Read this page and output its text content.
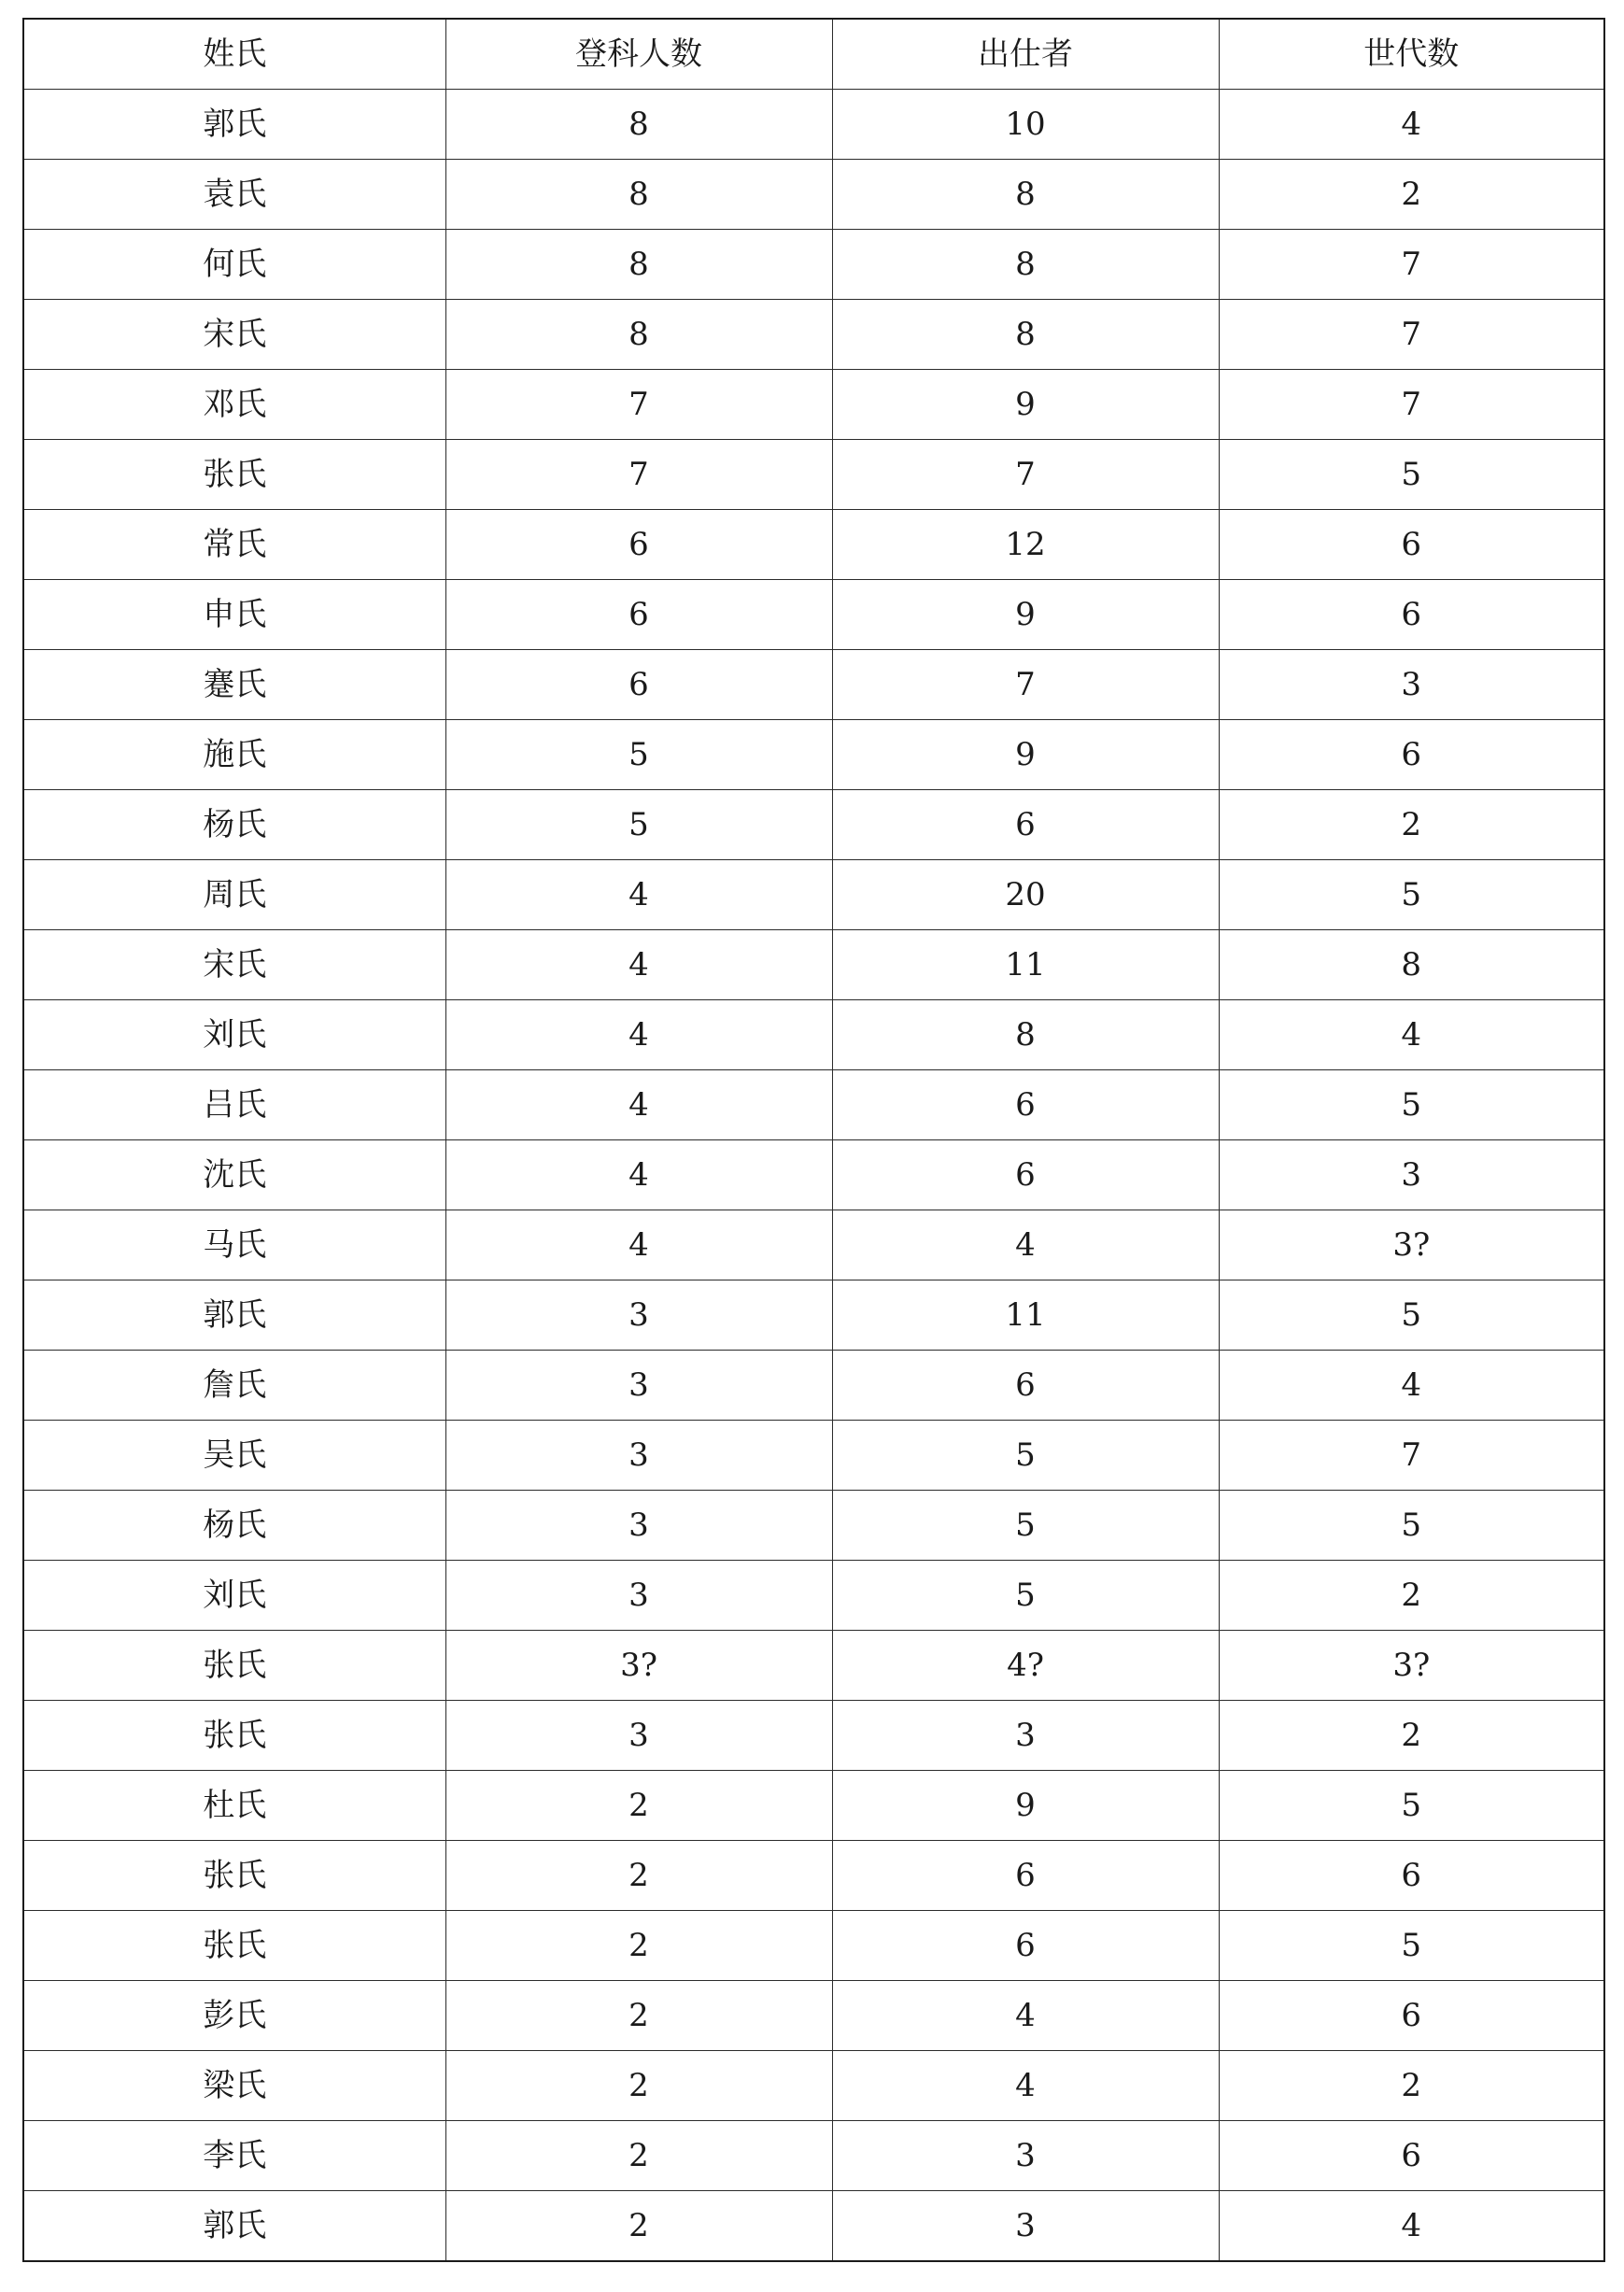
姓氏	登科人数	出仕者	世代数
郭氏	8	10	4
袁氏	8	8	2
何氏	8	8	7
宋氏	8	8	7
邓氏	7	9	7
张氏	7	7	5
常氏	6	12	6
申氏	6	9	6
蹇氏	6	7	3
施氏	5	9	6
杨氏	5	6	2
周氏	4	20	5
宋氏	4	11	8
刘氏	4	8	4
吕氏	4	6	5
沈氏	4	6	3
马氏	4	4	3?
郭氏	3	11	5
詹氏	3	6	4
吴氏	3	5	7
杨氏	3	5	5
刘氏	3	5	2
张氏	3?	4?	3?
张氏	3	3	2
杜氏	2	9	5
张氏	2	6	6
张氏	2	6	5
彭氏	2	4	6
梁氏	2	4	2
李氏	2	3	6
郭氏	2	3	4
